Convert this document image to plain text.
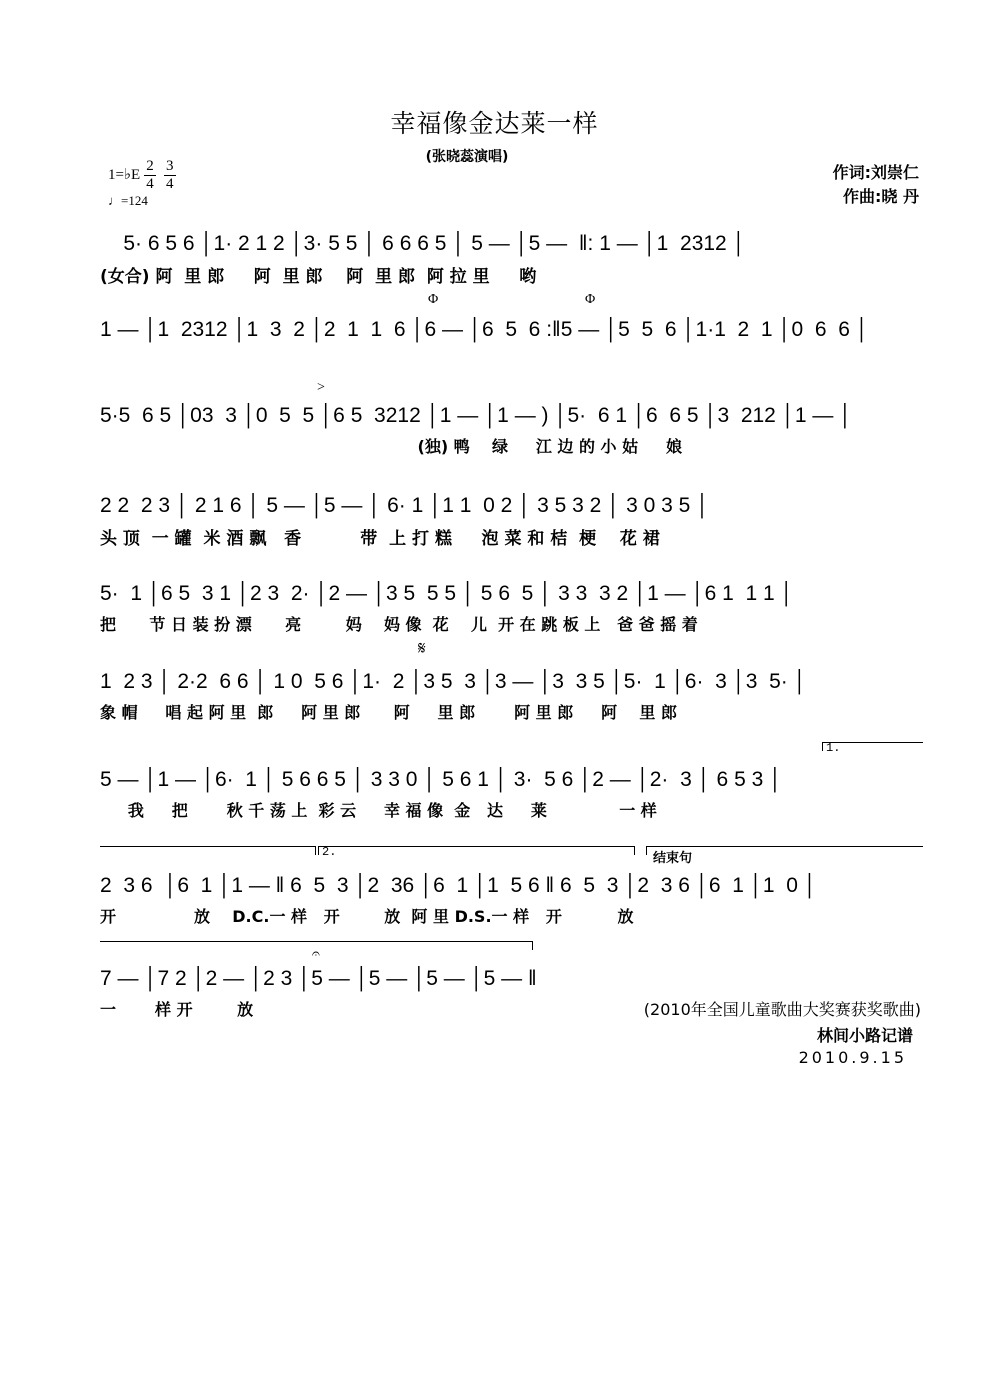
幸福像金达莱一样
(张晓蕊演唱)
作词:刘崇仁
作曲:晓 丹
1=♭E $\frac{2}{4}$
$\frac{3}{4}$
♩=124
5· 6 5 6 │1· 2 1 2 │3· 5 5 │ 6 6 6 5 │ 5 — │5 —  ‖: 1 — │1  2312 │
(女合) 阿  里 郎     阿  里 郎    阿  里 郎  阿 拉 里     哟
Φ	Φ
1 — │1  2312 │1  3  2 │2  1  1  6 │6 — │6  5  6 :‖5 — │5  5  6 │1·1  2  1 │0  6  6 │
>
5·5  6 5 │03  3 │0  5  5 │6 5  3212 │1 — │1 — ) │5·  6 1 │6  6 5 │3  212 │1 — │
(独) 鸭    绿     江 边 的 小 姑     娘
2 2  2 3 │ 2 1 6 │ 5 — │5 — │ 6· 1 │1 1  0 2 │ 3 5 3 2 │ 3 0 3 5 │
头 顶  一 罐  米 酒 飘   香          带  上 打 糕     泡 菜 和 桔  梗    花 裙
5·  1 │6 5  3 1 │2 3  2· │2 — │3 5  5 5 │ 5 6  5 │ 3 3  3 2 │1 — │6 1  1 1 │
把      节 日 装 扮 漂      亮        妈    妈 像  花    儿  开 在 跳 板 上   爸 爸 摇 着
𝄋
1  2 3 │ 2·2  6 6 │ 1 0  5 6 │1·  2 │3 5  3 │3 — │3  3 5 │5·  1 │6·  3 │3  5· │
象 帽     唱 起 阿 里  郎     阿 里 郎      阿     里 郎       阿 里 郎     阿    里 郎
1.
5 — │1 — │6·  1 │ 5 6 6 5 │ 3 3 0 │ 5 6 1 │ 3·  5 6 │2 — │2·  3 │ 6 5 3 │
我     把       秋 千 荡 上  彩 云     幸 福 像  金   达     莱             一 样
2.	结束句
2  3 6  │6  1 │1 — ‖ 6  5  3 │2  36 │6  1 │1  5 6 ‖ 6  5  3 │2  3 6 │6  1 │1  0 │
开              放    D.C.一 样   开        放  阿 里 D.S.一 样   开          放
𝄐
7 — │7 2 │2 — │2 3 │5 — │5 — │5 — │5 — ‖
一       样 开        放	(2010年全国儿童歌曲大奖赛获奖歌曲)
林间小路记谱
2010.9.15
